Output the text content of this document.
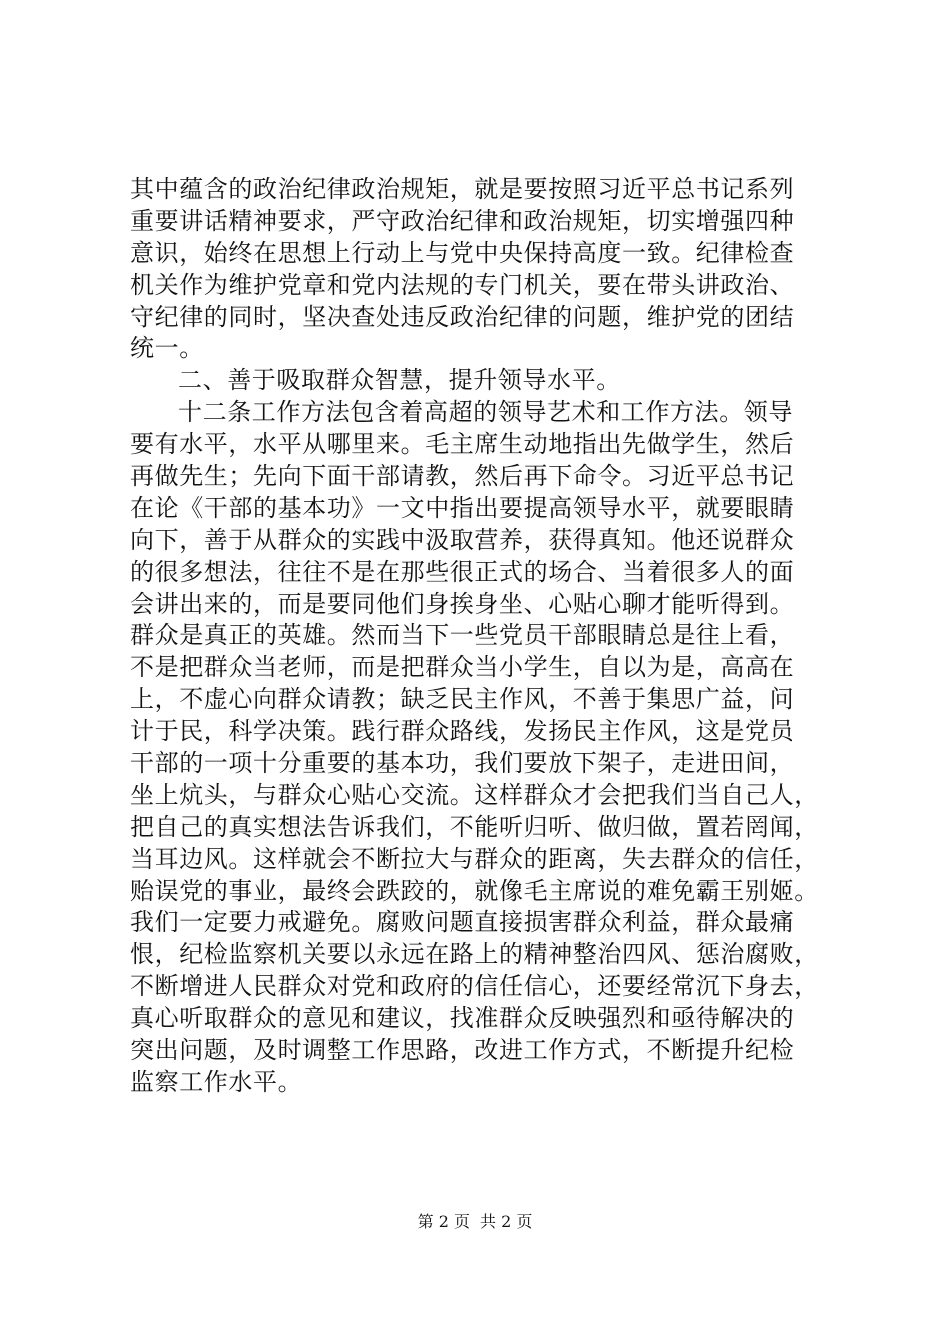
其中蕴含的政治纪律政治规矩，就是要按照习近平总书记系列
重要讲话精神要求，严守政治纪律和政治规矩，切实增强四种
意识，始终在思想上行动上与党中央保持高度一致。纪律检查
机关作为维护党章和党内法规的专门机关，要在带头讲政治、
守纪律的同时，坚决查处违反政治纪律的问题，维护党的团结
统一。
二、善于吸取群众智慧，提升领导水平。
十二条工作方法包含着高超的领导艺术和工作方法。领导
要有水平，水平从哪里来。毛主席生动地指出先做学生，然后
再做先生；先向下面干部请教，然后再下命令。习近平总书记
在论《干部的基本功》一文中指出要提高领导水平，就要眼睛
向下，善于从群众的实践中汲取营养，获得真知。他还说群众
的很多想法，往往不是在那些很正式的场合、当着很多人的面
会讲出来的，而是要同他们身挨身坐、心贴心聊才能听得到。
群众是真正的英雄。然而当下一些党员干部眼睛总是往上看，
不是把群众当老师，而是把群众当小学生，自以为是，高高在
上，不虚心向群众请教；缺乏民主作风，不善于集思广益，问
计于民，科学决策。践行群众路线，发扬民主作风，这是党员
干部的一项十分重要的基本功，我们要放下架子，走进田间，
坐上炕头，与群众心贴心交流。这样群众才会把我们当自己人，
把自己的真实想法告诉我们，不能听归听、做归做，置若罔闻，
当耳边风。这样就会不断拉大与群众的距离，失去群众的信任，
贻误党的事业，最终会跌跤的，就像毛主席说的难免霸王别姬。
我们一定要力戒避免。腐败问题直接损害群众利益，群众最痛
恨，纪检监察机关要以永远在路上的精神整治四风、惩治腐败，
不断增进人民群众对党和政府的信任信心，还要经常沉下身去，
真心听取群众的意见和建议，找准群众反映强烈和亟待解决的
突出问题，及时调整工作思路，改进工作方式，不断提升纪检
监察工作水平。
第 2 页 共 2 页
